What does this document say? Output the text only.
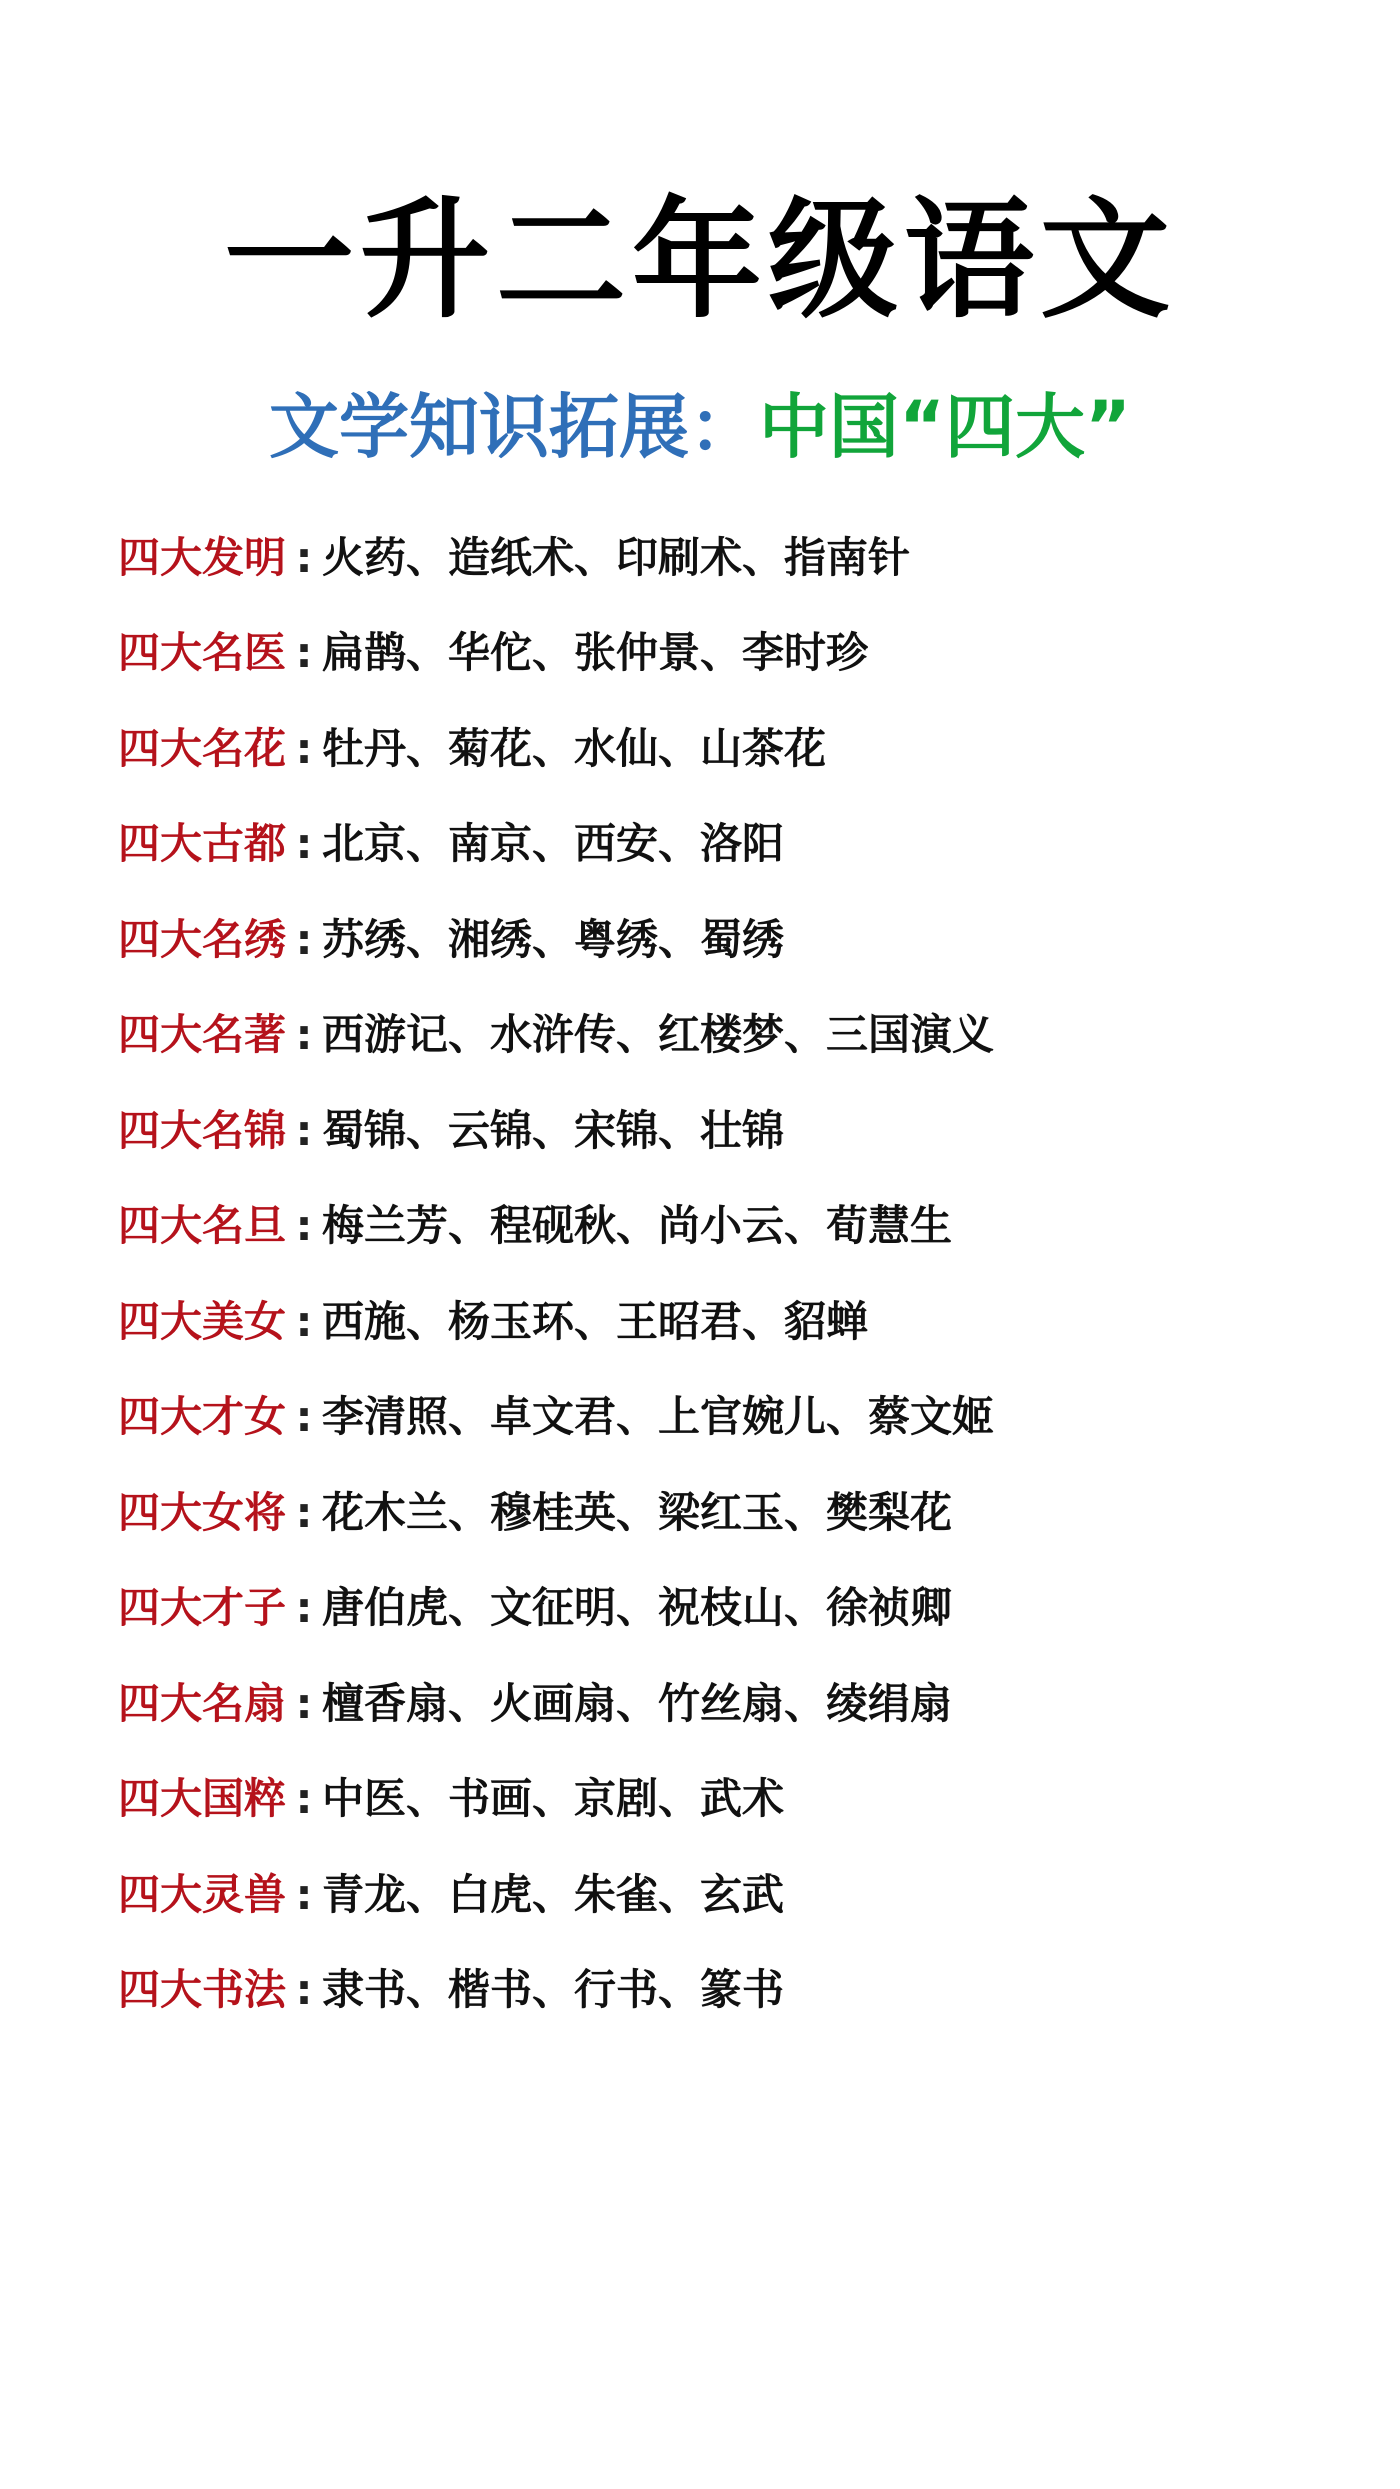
一升二年级语文
文学知识拓展：中国“四大”
四大发明 : 火药、造纸术、印刷术、指南针
四大名医 : 扁鹊、华佗、张仲景、李时珍
四大名花 : 牡丹、菊花、水仙、山茶花
四大古都 : 北京、南京、西安、洛阳
四大名绣 : 苏绣、湘绣、粤绣、蜀绣
四大名著 : 西游记、水浒传、红楼梦、三国演义
四大名锦 : 蜀锦、云锦、宋锦、壮锦
四大名旦 : 梅兰芳、程砚秋、尚小云、荀慧生
四大美女 : 西施、杨玉环、王昭君、貂蝉
四大才女 : 李清照、卓文君、上官婉儿、蔡文姬
四大女将 : 花木兰、穆桂英、梁红玉、樊梨花
四大才子 : 唐伯虎、文征明、祝枝山、徐祯卿
四大名扇 : 檀香扇、火画扇、竹丝扇、绫绢扇
四大国粹 : 中医、书画、京剧、武术
四大灵兽 : 青龙、白虎、朱雀、玄武
四大书法 : 隶书、楷书、行书、篆书
